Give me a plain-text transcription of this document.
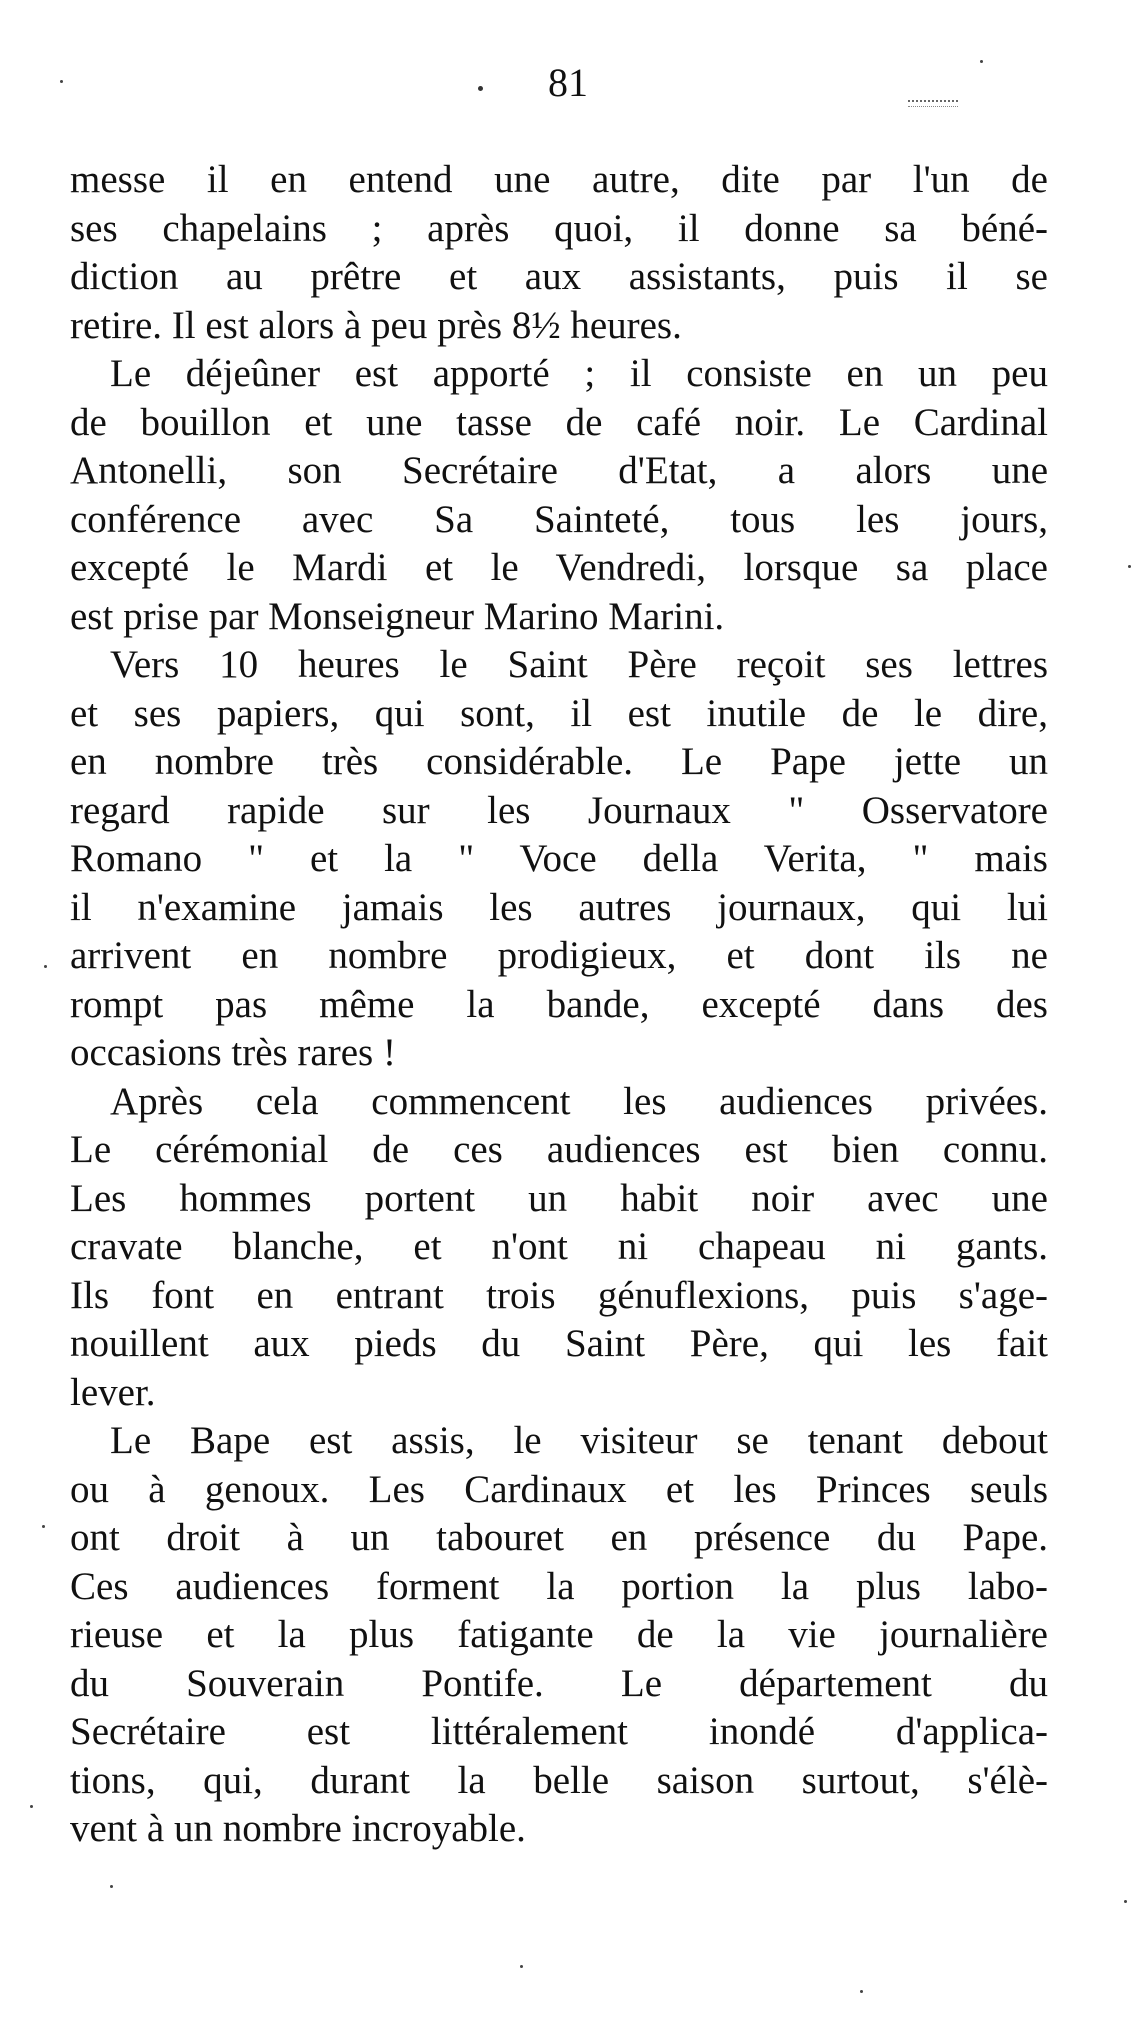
81
messe il en entend une autre, dite par l'un de
ses chapelains ; après quoi, il donne sa béné-
diction au prêtre et aux assistants, puis il se
retire. Il est alors à peu près 8½ heures.
Le déjeûner est apporté ; il consiste en un peu
de bouillon et une tasse de café noir. Le Cardinal
Antonelli, son Secrétaire d'Etat, a alors une
conférence avec Sa Sainteté, tous les jours,
excepté le Mardi et le Vendredi, lorsque sa place
est prise par Monseigneur Marino Marini.
Vers 10 heures le Saint Père reçoit ses lettres
et ses papiers, qui sont, il est inutile de le dire,
en nombre très considérable. Le Pape jette un
regard rapide sur les Journaux " Osservatore
Romano " et la " Voce della Verita, " mais
il n'examine jamais les autres journaux, qui lui
arrivent en nombre prodigieux, et dont ils ne
rompt pas même la bande, excepté dans des
occasions très rares !
Après cela commencent les audiences privées.
Le cérémonial de ces audiences est bien connu.
Les hommes portent un habit noir avec une
cravate blanche, et n'ont ni chapeau ni gants.
Ils font en entrant trois génuflexions, puis s'age-
nouillent aux pieds du Saint Père, qui les fait
lever.
Le Bape est assis, le visiteur se tenant debout
ou à genoux. Les Cardinaux et les Princes seuls
ont droit à un tabouret en présence du Pape.
Ces audiences forment la portion la plus labo-
rieuse et la plus fatigante de la vie journalière
du Souverain Pontife. Le département du
Secrétaire est littéralement inondé d'applica-
tions, qui, durant la belle saison surtout, s'élè-
vent à un nombre incroyable.
